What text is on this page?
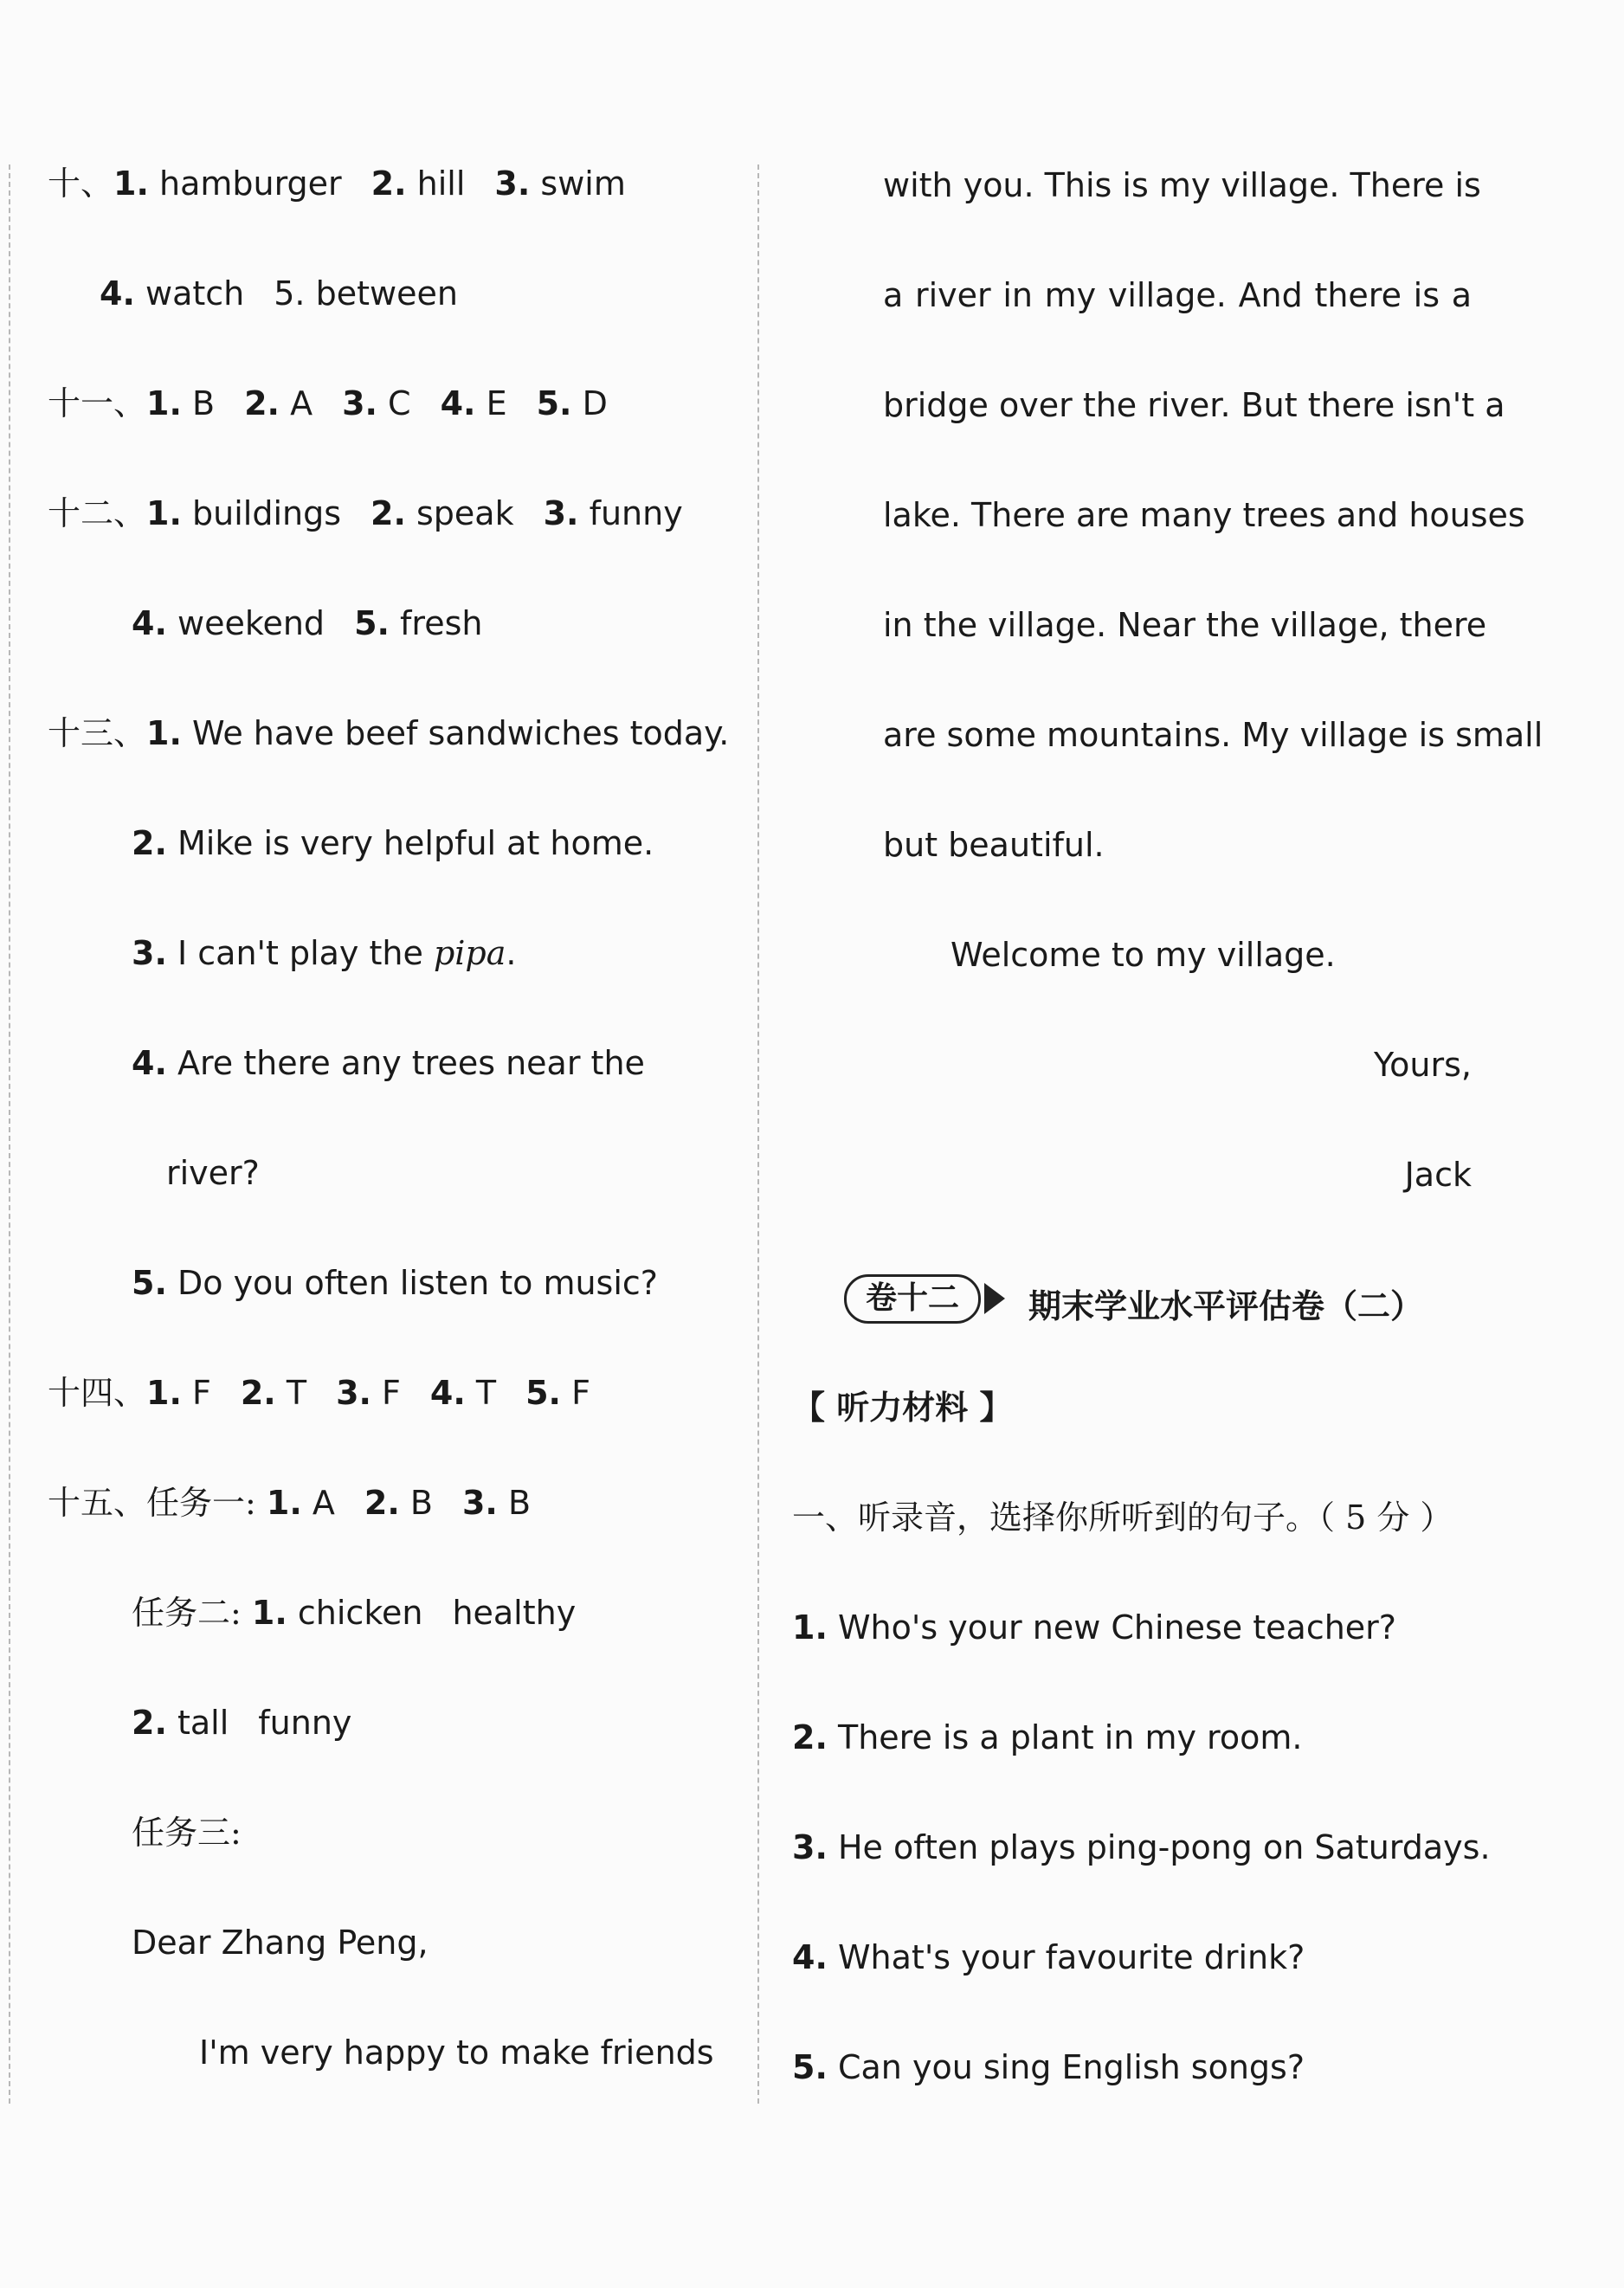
十、1. hamburger 2. hill 3. swim
4. watch 5. between
十一、1. B 2. A 3. C 4. E 5. D
十二、1. buildings 2. speak 3. funny
4. weekend 5. fresh
十三、1. We have beef sandwiches today.
2. Mike is very helpful at home.
3. I can't play the pipa.
4. Are there any trees near the
river?
5. Do you often listen to music?
十四、1. F 2. T 3. F 4. T 5. F
十五、任务一: 1. A 2. B 3. B
任务二: 1. chicken healthy
2. tall funny
任务三:
Dear Zhang Peng,
I'm very happy to make friends
with you. This is my village. There is
a river in my village. And there is a
bridge over the river. But there isn't a
lake. There are many trees and houses
in the village. Near the village, there
are some mountains. My village is small
but beautiful.
Welcome to my village.
Yours,
Jack
卷十二	期末学业水平评估卷（二）
【 听力材料 】
一、听录音，选择你所听到的句子。（ 5 分 ）
1. Who's your new Chinese teacher?
2. There is a plant in my room.
3. He often plays ping-pong on Saturdays.
4. What's your favourite drink?
5. Can you sing English songs?
